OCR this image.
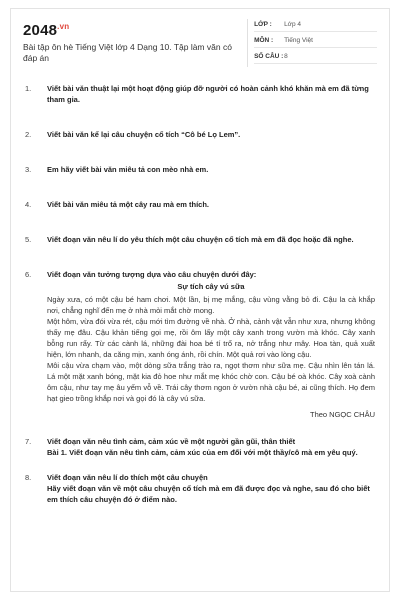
$2048^{.vn}$
Bài tập ôn hè Tiếng Việt lớp 4 Dạng 10. Tập làm văn có đáp án
LỚP :	Lớp 4
MÔN :	Tiếng Việt
SỐ CÂU : 8
1.	Viết bài văn thuật lại một hoạt động giúp đỡ người có hoàn cảnh khó khăn mà em đã từng tham gia.
2.	Viết bài văn kể lại câu chuyện cổ tích “Cô bé Lọ Lem”.
3.	Em hãy viết bài văn miêu tả con mèo nhà em.
4.	Viết bài văn miêu tả một cây rau mà em thích.
5.	Viết đoạn văn nêu lí do yêu thích một câu chuyện cổ tích mà em đã đọc hoặc đã nghe.
6.	Viết đoạn văn tưởng tượng dựa vào câu chuyện dưới đây:
Sự tích cây vú sữa

Ngày xưa, có một cậu bé ham chơi. Một lần, bị mẹ mắng, cậu vùng vằng bỏ đi. Cậu la cà khắp nơi, chẳng nghĩ đến mẹ ở nhà mỏi mắt chờ mong.

Một hôm, vừa đói vừa rét, cậu mới tìm đường về nhà. Ở nhà, cảnh vật vẫn như xưa, nhưng không thấy mẹ đâu. Cậu khản tiếng gọi mẹ, rồi ôm lấy một cây xanh trong vườn mà khóc. Cây xanh bỗng run rẩy. Từ các cành lá, những đài hoa bé tí trổ ra, nở trắng như mây. Hoa tàn, quả xuất hiện, lớn nhanh, da căng mịn, xanh óng ánh, rồi chín. Một quả rơi vào lòng cậu.

Môi cậu vừa chạm vào, một dòng sữa trắng trào ra, ngọt thơm như sữa mẹ. Cậu nhìn lên tán lá. Lá một mặt xanh bóng, mặt kia đỏ hoe như mắt mẹ khóc chờ con. Cậu bé oà khóc. Cây xoà cành ôm cậu, như tay mẹ âu yếm vỗ về. Trái cây thơm ngon ở vườn nhà cậu bé, ai cũng thích. Họ đem hạt gieo trồng khắp nơi và gọi đó là cây vú sữa.

Theo NGỌC CHÂU
7.	Viết đoạn văn nêu tình cảm, cảm xúc về một người gần gũi, thân thiết
Bài 1. Viết đoạn văn nêu tình cảm, cảm xúc của em đối với một thầy/cô mà em yêu quý.
8.	Viết đoạn văn nêu lí do thích một câu chuyện
Hãy viết đoạn văn về một câu chuyện cổ tích mà em đã được đọc và nghe, sau đó cho biết em thích câu chuyện đó ở điểm nào.
